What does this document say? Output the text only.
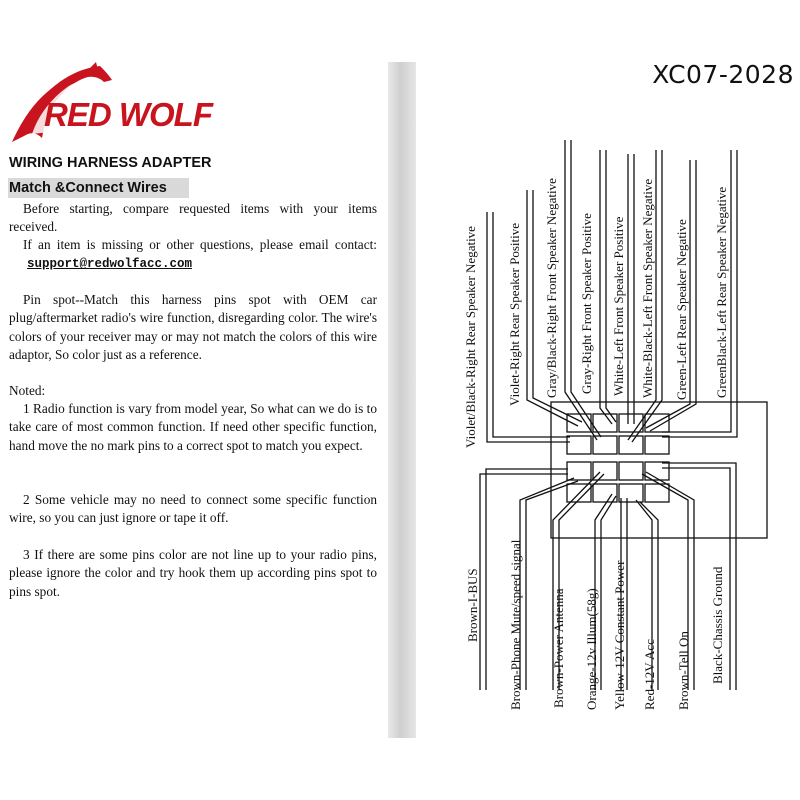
XC07-2028
RED WOLF
WIRING HARNESS ADAPTER
Match &Connect Wires
Before starting, compare requested items with your items received.
If an item is missing or other questions, please email contact: support@redwolfacc.com
Pin spot--Match this harness pins spot with OEM car plug/aftermarket radio's wire function, disregarding color. The wire's colors of your receiver may or may not match the colors of this wire adaptor, So color just as a reference.
Noted:
1 Radio function is vary from model year, So what can we do is to take care of most common function. If need other specific function, hand move the no mark pins to a correct spot to match you expect.
2 Some vehicle may no need to connect some specific function wire, so you can just ignore or tape it off.
3 If there are some pins color are not line up to your radio pins, please ignore the color and try hook them up according pins spot to pins spot.
Violet/Black-Right Rear Speaker Negative Violet-Right Rear Speaker Positive Gray/Black-Right Front Speaker Negative Gray-Right Front Speaker Positive White-Left Front Speaker Positive White-Black-Left Front Speaker Negative Green-Left Rear Speaker Negative GreenBlack-Left Rear Speaker Negative
Brown-I-BUS Brown-Phone Mute/speed signal Brown-Power Antenna Orange-12v Illum(58g) Yellow-12V Constant Power Red-12V Acc Brown-Tell On Black-Chassis Ground
